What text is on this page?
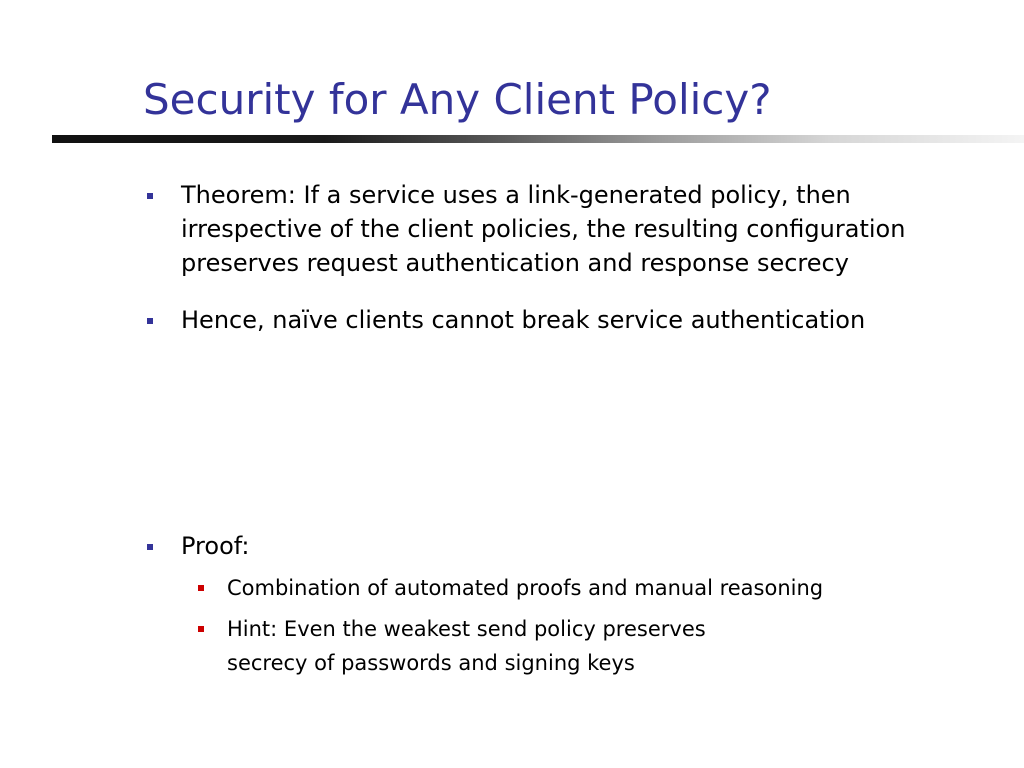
Security for Any Client Policy?
Theorem: If a service uses a link-generated policy, then
irrespective of the client policies, the resulting configuration
preserves request authentication and response secrecy
Hence, naïve clients cannot break service authentication
Proof:
Combination of automated proofs and manual reasoning
Hint: Even the weakest send policy preserves
secrecy of passwords and signing keys
